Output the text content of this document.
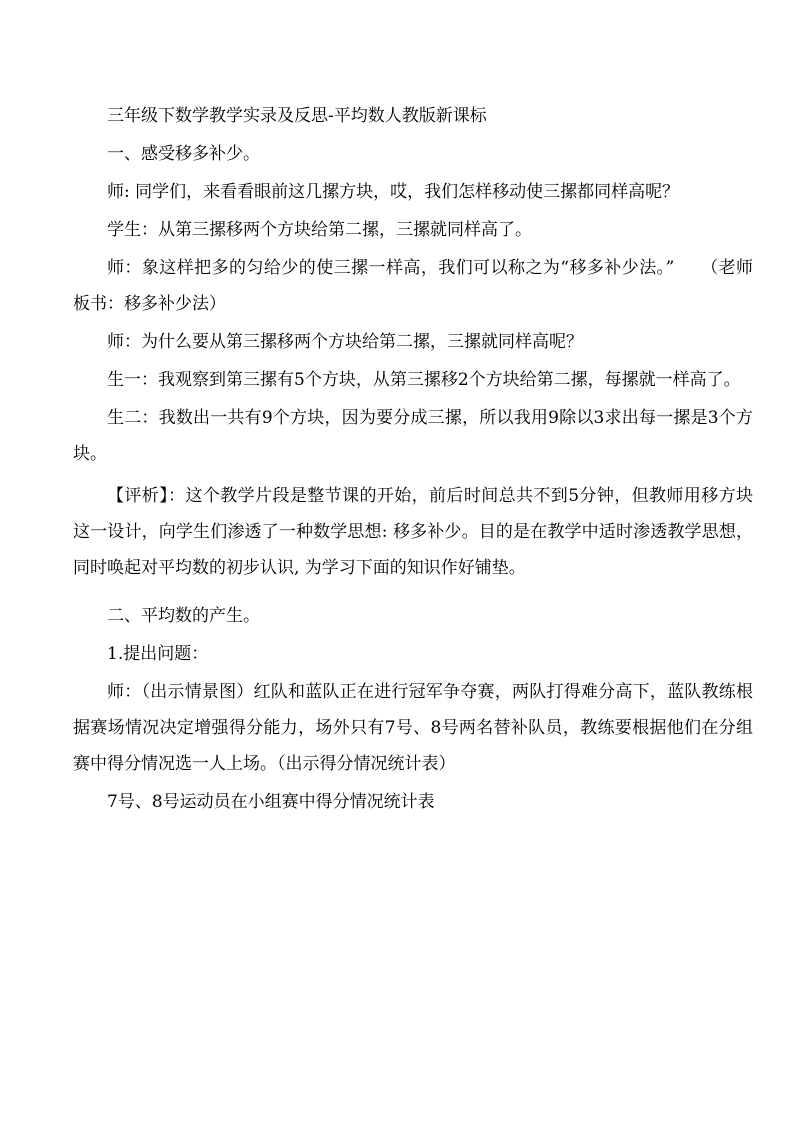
三年级下数学教学实录及反思-平均数人教版新课标

一、感受移多补少。

师: 同学们，来看看眼前这几摞方块，哎，我们怎样移动使三摞都同样高呢？

学生：从第三摞移两个方块给第二摞，三摞就同样高了。

师：象这样把多的匀给少的使三摞一样高，我们可以称之为“移多补少法。”　　（老师板书：移多补少法）

师：为什么要从第三摞移两个方块给第二摞，三摞就同样高呢？

生一：我观察到第三摞有5个方块，从第三摞移2个方块给第二摞，每摞就一样高了。

生二：我数出一共有9个方块，因为要分成三摞，所以我用9除以3求出每一摞是3个方块。

【评析】：这个教学片段是整节课的开始，前后时间总共不到5分钟，但教师用移方块这一设计，向学生们渗透了一种数学思想: 移多补少。目的是在教学中适时渗透教学思想，同时唤起对平均数的初步认识, 为学习下面的知识作好铺垫。

二、平均数的产生。

1.提出问题：

师：（出示情景图）红队和蓝队正在进行冠军争夺赛，两队打得难分高下，蓝队教练根据赛场情况决定增强得分能力，场外只有7号、8号两名替补队员，教练要根据他们在分组赛中得分情况选一人上场。（出示得分情况统计表）

7号、8号运动员在小组赛中得分情况统计表
